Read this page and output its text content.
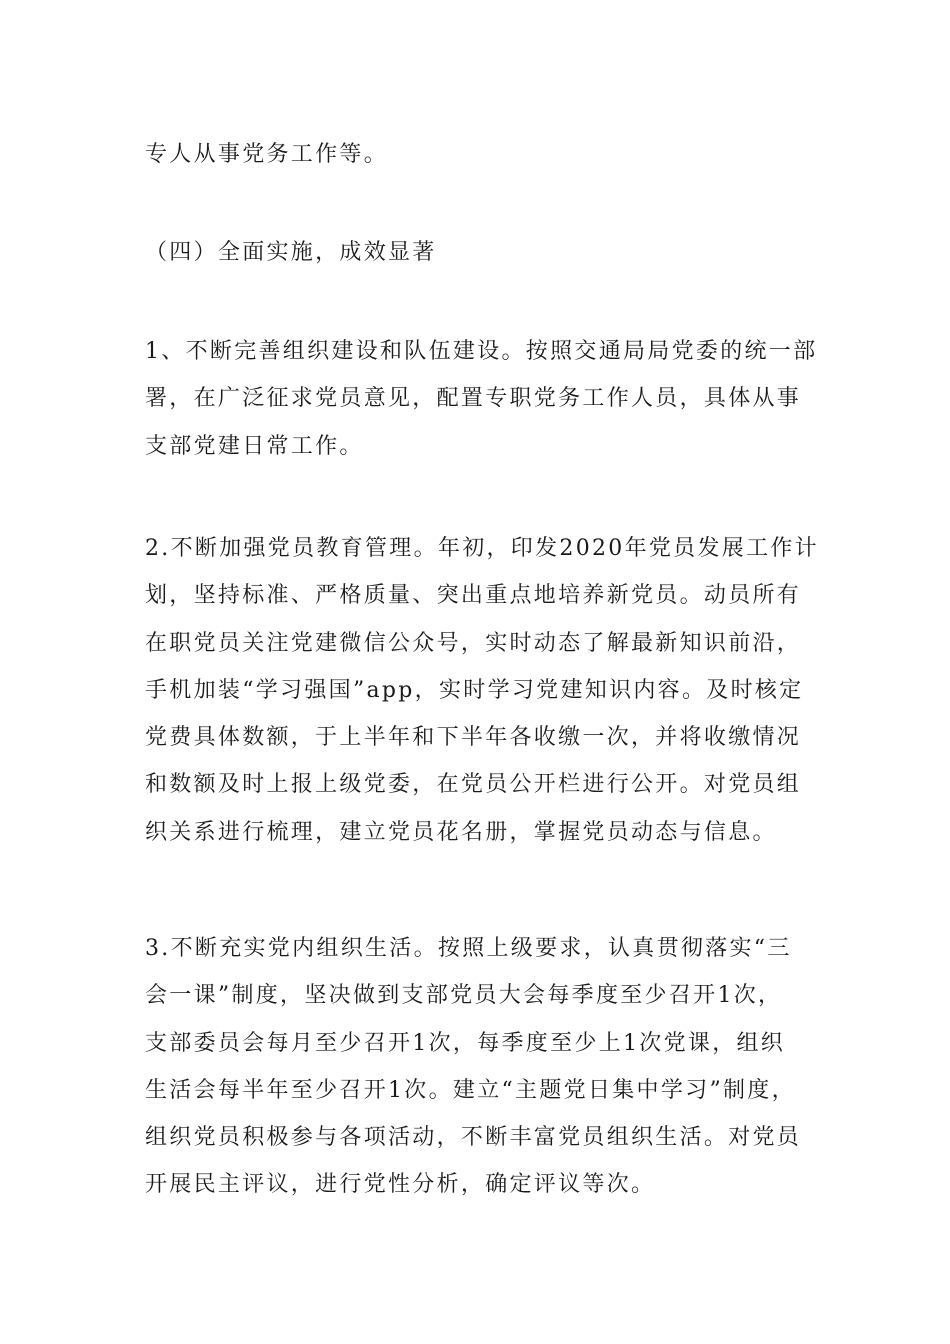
专人从事党务工作等。

（四）全面实施，成效显著

1、不断完善组织建设和队伍建设。按照交通局局党委的统一部
署，在广泛征求党员意见，配置专职党务工作人员，具体从事
支部党建日常工作。

2.不断加强党员教育管理。年初，印发2020年党员发展工作计
划，坚持标准、严格质量、突出重点地培养新党员。动员所有
在职党员关注党建微信公众号，实时动态了解最新知识前沿，
手机加装“学习强国”app，实时学习党建知识内容。及时核定
党费具体数额，于上半年和下半年各收缴一次，并将收缴情况
和数额及时上报上级党委，在党员公开栏进行公开。对党员组
织关系进行梳理，建立党员花名册，掌握党员动态与信息。

3.不断充实党内组织生活。按照上级要求，认真贯彻落实“三
会一课”制度，坚决做到支部党员大会每季度至少召开1次，
支部委员会每月至少召开1次，每季度至少上1次党课，组织
生活会每半年至少召开1次。建立“主题党日集中学习”制度，
组织党员积极参与各项活动，不断丰富党员组织生活。对党员
开展民主评议，进行党性分析，确定评议等次。
